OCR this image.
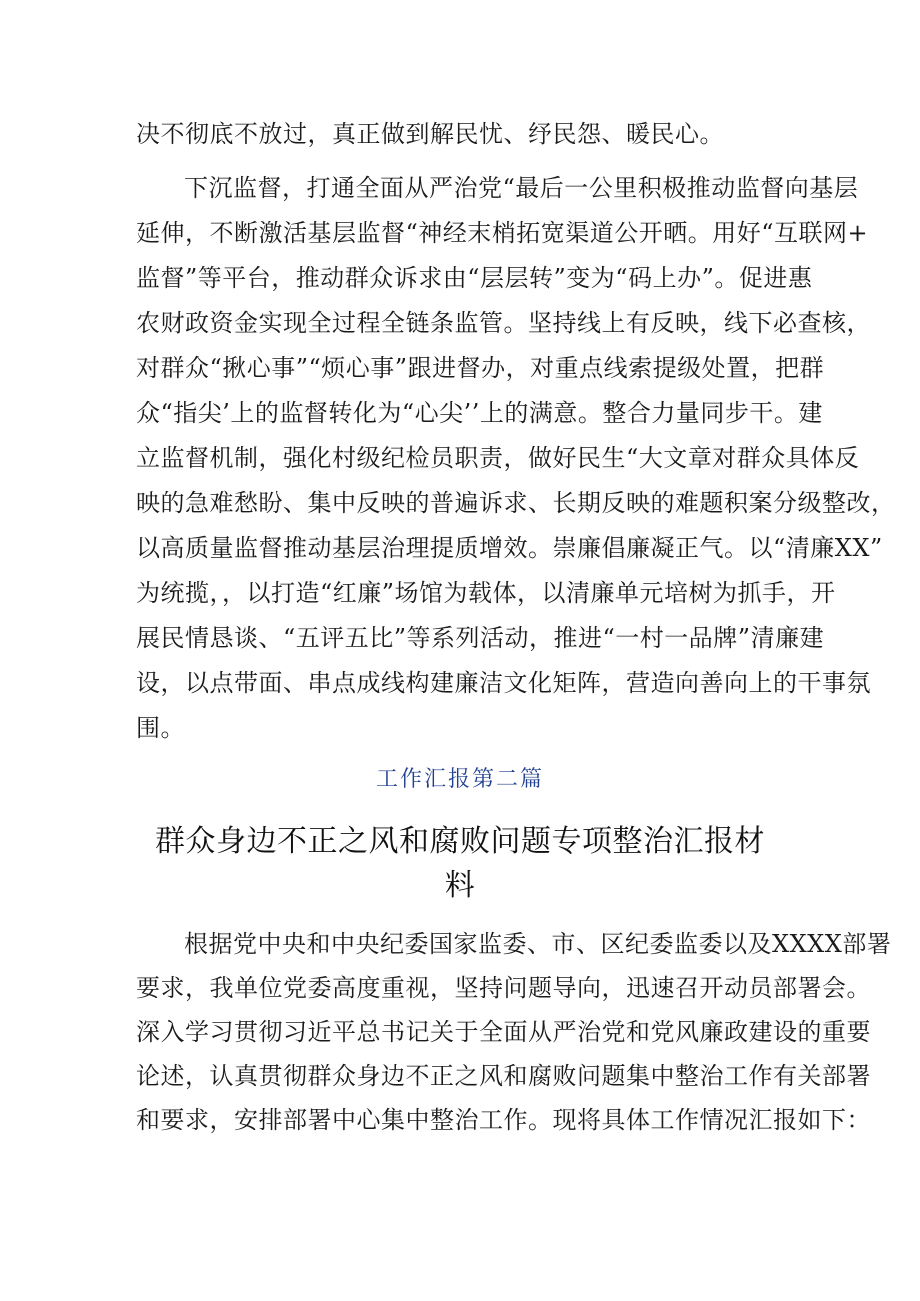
决不彻底不放过，真正做到解民忧、纾民怨、暖民心。
下沉监督，打通全面从严治党“最后一公里积极推动监督向基层
延伸，不断激活基层监督“神经末梢拓宽渠道公开晒。用好“互联网+
监督”等平台，推动群众诉求由“层层转”变为“码上办”。促进惠
农财政资金实现全过程全链条监管。坚持线上有反映，线下必查核，
对群众“揪心事”“烦心事”跟进督办，对重点线索提级处置，把群
众“指尖’上的监督转化为“心尖’’上的满意。整合力量同步干。建
立监督机制，强化村级纪检员职责，做好民生“大文章对群众具体反
映的急难愁盼、集中反映的普遍诉求、长期反映的难题积案分级整改，
以高质量监督推动基层治理提质增效。崇廉倡廉凝正气。以“清廉XX”
为统揽，，以打造“红廉”场馆为载体，以清廉单元培树为抓手，开
展民情恳谈、“五评五比”等系列活动，推进“一村一品牌”清廉建
设，以点带面、串点成线构建廉洁文化矩阵，营造向善向上的干事氛
围。
工作汇报第二篇
群众身边不正之风和腐败问题专项整治汇报材
料
根据党中央和中央纪委国家监委、市、区纪委监委以及XXXX部署
要求，我单位党委高度重视，坚持问题导向，迅速召开动员部署会。
深入学习贯彻习近平总书记关于全面从严治党和党风廉政建设的重要
论述，认真贯彻群众身边不正之风和腐败问题集中整治工作有关部署
和要求，安排部署中心集中整治工作。现将具体工作情况汇报如下：
